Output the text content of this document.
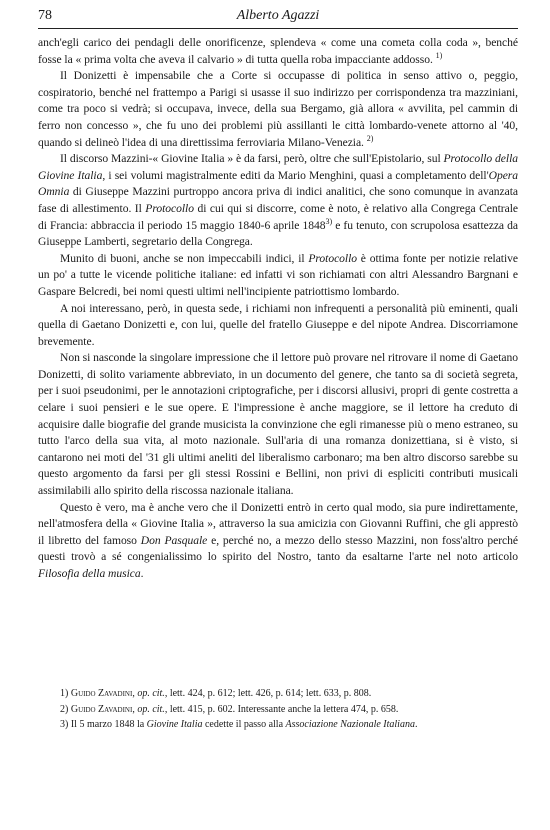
78	Alberto Agazzi

anch'egli carico dei pendagli delle onorificenze, splendeva « come una cometa colla coda », benché fosse la « prima volta che aveva il calvario » di tutta quella roba impacciante addosso. $^{1)}$

Il Donizetti è impensabile che a Corte si occupasse di politica in senso attivo o, peggio, cospiratorio, benché nel frattempo a Parigi si usasse il suo indirizzo per corrispondenza tra mazziniani, come tra poco si vedrà; si occupava, invece, della sua Bergamo, già allora « avvilita, pel cammin di ferro non concesso », che fu uno dei problemi più assillanti le città lombardo-venete attorno al '40, quando si delineò l'idea di una direttissima ferroviaria Milano-Venezia. $^{2)}$

Il discorso Mazzini-« Giovine Italia » è da farsi, però, oltre che sull'Epistolario, sul Protocollo della Giovine Italia, i sei volumi magistralmente editi da Mario Menghini, quasi a completamento dell'Opera Omnia di Giuseppe Mazzini purtroppo ancora priva di indici analitici, che sono comunque in avanzata fase di allestimento. Il Protocollo di cui qui si discorre, come è noto, è relativo alla Congrega Centrale di Francia: abbraccia il periodo 15 maggio 1840-6 aprile 1848$^{3)}$ e fu tenuto, con scrupolosa esattezza da Giuseppe Lamberti, segretario della Congrega.

Munito di buoni, anche se non impeccabili indici, il Protocollo è ottima fonte per notizie relative un po' a tutte le vicende politiche italiane: ed infatti vi son richiamati con altri Alessandro Bargnani e Gaspare Belcredi, bei nomi questi ultimi nell'incipiente patriottismo lombardo.

A noi interessano, però, in questa sede, i richiami non infrequenti a personalità più eminenti, quali quella di Gaetano Donizetti e, con lui, quelle del fratello Giuseppe e del nipote Andrea. Discorriamone brevemente.

Non si nasconde la singolare impressione che il lettore può provare nel ritrovare il nome di Gaetano Donizetti, di solito variamente abbreviato, in un documento del genere, che tanto sa di società segreta, per i suoi pseudonimi, per le annotazioni criptografiche, per i discorsi allusivi, propri di gente costretta a celare i suoi pensieri e le sue opere. E l'impressione è anche maggiore, se il lettore ha creduto di acquisire dalle biografie del grande musicista la convinzione che egli rimanesse più o meno estraneo, su tutto l'arco della sua vita, al moto nazionale. Sull'aria di una romanza donizettiana, si è visto, si cantarono nei moti del '31 gli ultimi aneliti del liberalismo carbonaro; ma ben altro discorso sarebbe su questo argomento da farsi per gli stessi Rossini e Bellini, non privi di espliciti contributi musicali assimilabili allo spirito della riscossa nazionale italiana.

Questo è vero, ma è anche vero che il Donizetti entrò in certo qual modo, sia pure indirettamente, nell'atmosfera della « Giovine Italia », attraverso la sua amicizia con Giovanni Ruffini, che gli apprestò il libretto del famoso Don Pasquale e, perché no, a mezzo dello stesso Mazzini, non foss'altro perché questi trovò a sé congenialissimo lo spirito del Nostro, tanto da esaltarne l'arte nel noto articolo Filosofia della musica.

1) Guido Zavadini, op. cit., lett. 424, p. 612; lett. 426, p. 614; lett. 633, p. 808.

2) Guido Zavadini, op. cit., lett. 415, p. 602. Interessante anche la lettera 474, p. 658.

3) Il 5 marzo 1848 la Giovine Italia cedette il passo alla Associazione Nazionale Italiana.
